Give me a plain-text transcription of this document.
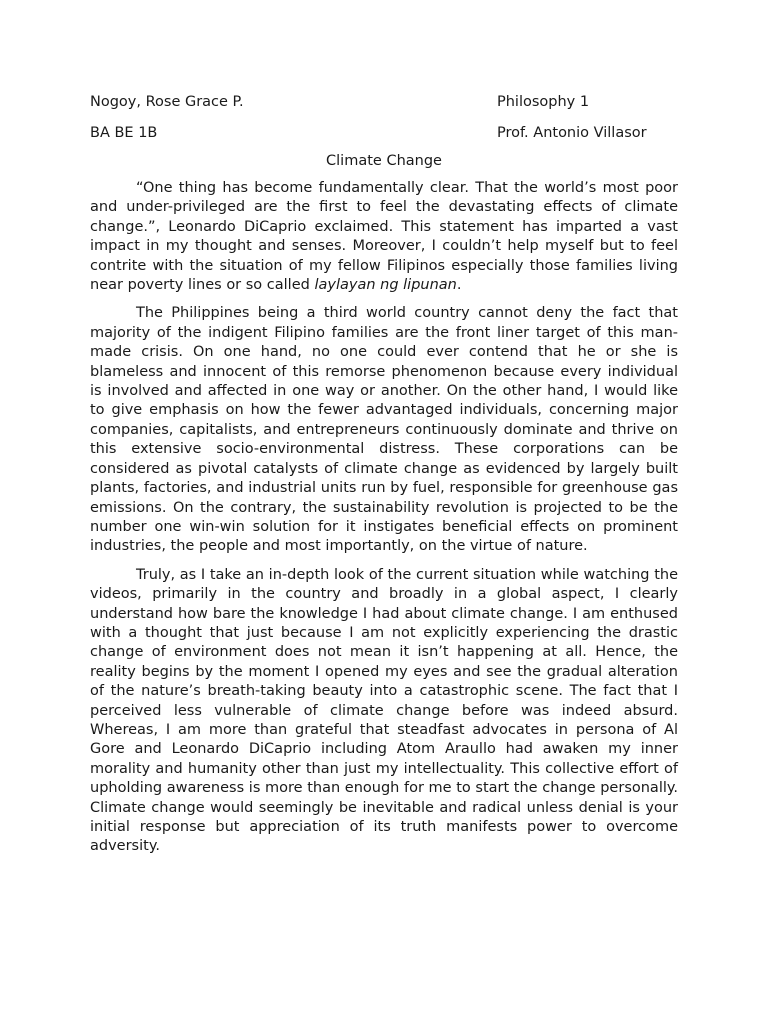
Nogoy, Rose Grace P.	Philosophy 1
BA BE 1B	Prof. Antonio Villasor
Climate Change

“One thing has become fundamentally clear. That the world’s most poor and under-privileged are the first to feel the devastating effects of climate change.”, Leonardo DiCaprio exclaimed. This statement has imparted a vast impact in my thought and senses. Moreover, I couldn’t help myself but to feel contrite with the situation of my fellow Filipinos especially those families living near poverty lines or so called laylayan ng lipunan.

The Philippines being a third world country cannot deny the fact that majority of the indigent Filipino families are the front liner target of this man-made crisis. On one hand, no one could ever contend that he or she is blameless and innocent of this remorse phenomenon because every individual is involved and affected in one way or another. On the other hand, I would like to give emphasis on how the fewer advantaged individuals, concerning major companies, capitalists, and entrepreneurs continuously dominate and thrive on this extensive socio-environmental distress. These corporations can be considered as pivotal catalysts of climate change as evidenced by largely built plants, factories, and industrial units run by fuel, responsible for greenhouse gas emissions. On the contrary, the sustainability revolution is projected to be the number one win-win solution for it instigates beneficial effects on prominent industries, the people and most importantly, on the virtue of nature.

Truly, as I take an in-depth look of the current situation while watching the videos, primarily in the country and broadly in a global aspect, I clearly understand how bare the knowledge I had about climate change. I am enthused with a thought that just because I am not explicitly experiencing the drastic change of environment does not mean it isn’t happening at all. Hence, the reality begins by the moment I opened my eyes and see the gradual alteration of the nature’s breath-taking beauty into a catastrophic scene. The fact that I perceived less vulnerable of climate change before was indeed absurd. Whereas, I am more than grateful that steadfast advocates in persona of Al Gore and Leonardo DiCaprio including Atom Araullo had awaken my inner morality and humanity other than just my intellectuality. This collective effort of upholding awareness is more than enough for me to start the change personally. Climate change would seemingly be inevitable and radical unless denial is your initial response but appreciation of its truth manifests power to overcome adversity.
